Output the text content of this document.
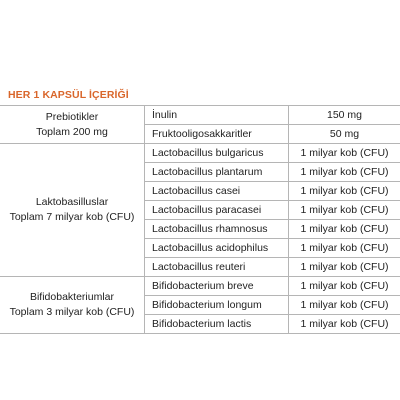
HER 1 KAPSÜL İÇERİĞİ
Prebiotikler
Toplam 200 mg
İnulin	150 mg
Fruktooligosakkaritler	50 mg
Laktobasilluslar
Toplam 7 milyar kob (CFU)
Lactobacillus bulgaricus	1 milyar kob (CFU)
Lactobacillus plantarum	1 milyar kob (CFU)
Lactobacillus casei	1 milyar kob (CFU)
Lactobacillus paracasei	1 milyar kob (CFU)
Lactobacillus rhamnosus	1 milyar kob (CFU)
Lactobacillus acidophilus	1 milyar kob (CFU)
Lactobacillus reuteri	1 milyar kob (CFU)
Bifidobakteriumlar
Toplam 3 milyar kob (CFU)
Bifidobacterium breve	1 milyar kob (CFU)
Bifidobacterium longum	1 milyar kob (CFU)
Bifidobacterium lactis	1 milyar kob (CFU)
